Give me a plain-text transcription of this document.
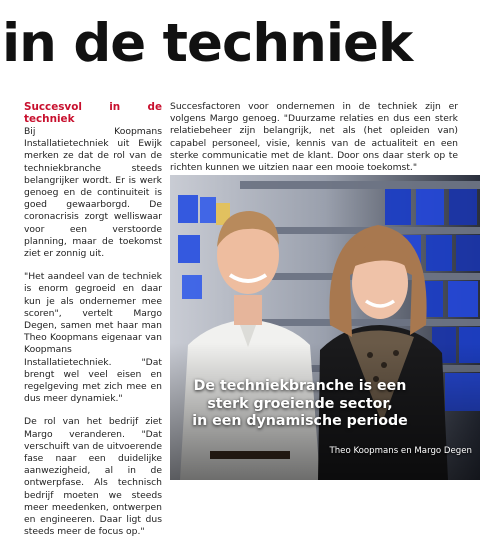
in de techniek

Succesvol in de techniek
Bij Koopmans Installatietechniek uit Ewijk merken ze dat de rol van de techniekbranche steeds belangrijker wordt. Er is werk genoeg en de continuiteit is goed gewaarborgd. De coronacrisis zorgt welliswaar voor een verstoorde planning, maar de toekomst ziet er zonnig uit.

"Het aandeel van de techniek is enorm gegroeid en daar kun je als ondernemer mee scoren", vertelt Margo Degen, samen met haar man Theo Koopmans eigenaar van Koopmans Installatietechniek. "Dat brengt wel veel eisen en regelgeving met zich mee en dus meer dynamiek."

De rol van het bedrijf ziet Margo veranderen. "Dat verschuift van de uitvoerende fase naar een duidelijke aanwezigheid, al in de ontwerpfase. Als technisch bedrijf moeten we steeds meer meedenken, ontwerpen en engineeren. Daar ligt dus steeds meer de focus op."

Succesfactoren voor ondernemen in de techniek zijn er volgens Margo genoeg. "Duurzame relaties en dus een sterk relatiebeheer zijn belangrijk, net als (het opleiden van) capabel personeel, visie, kennis van de actualiteit en een sterke communicatie met de klant. Door ons daar sterk op te richten kunnen we uitzien naar een mooie toekomst."

De techniekbranche is een
sterk groeiende sector,
in een dynamische periode

Theo Koopmans en Margo Degen
